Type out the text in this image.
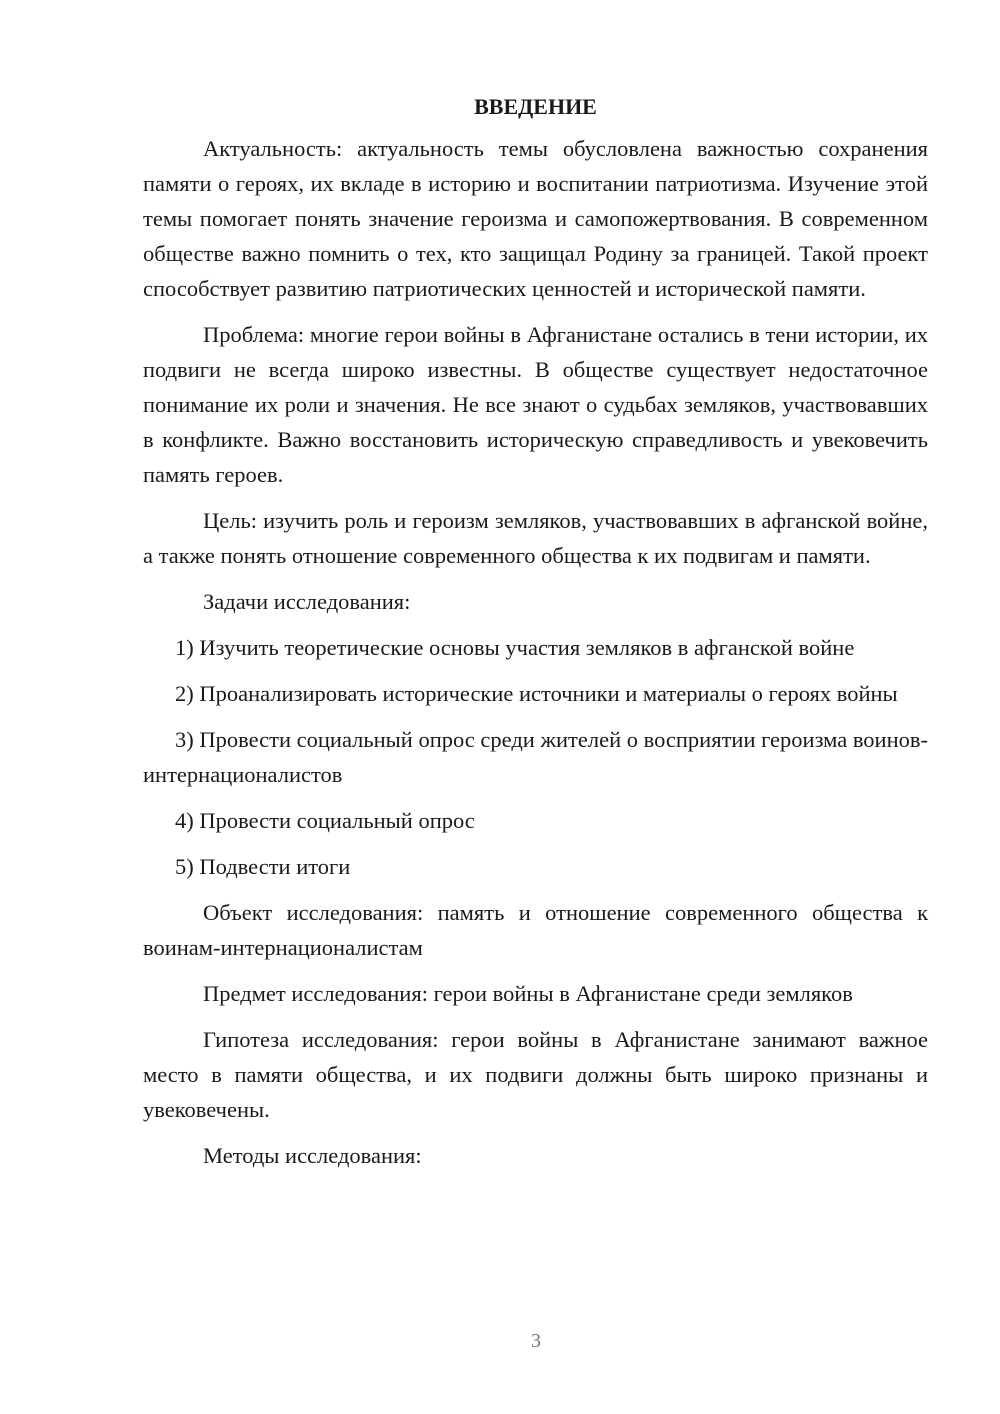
ВВЕДЕНИЕ

Актуальность: актуальность темы обусловлена важностью сохранения памяти о героях, их вкладе в историю и воспитании патриотизма. Изучение этой темы помогает понять значение героизма и самопожертвования. В современном обществе важно помнить о тех, кто защищал Родину за границей. Такой проект способствует развитию патриотических ценностей и исторической памяти.

Проблема: многие герои войны в Афганистане остались в тени истории, их подвиги не всегда широко известны. В обществе существует недостаточное понимание их роли и значения. Не все знают о судьбах земляков, участвовавших в конфликте. Важно восстановить историческую справедливость и увековечить память героев.

Цель: изучить роль и героизм земляков, участвовавших в афганской войне, а также понять отношение современного общества к их подвигам и памяти.

Задачи исследования:

1) Изучить теоретические основы участия земляков в афганской войне

2) Проанализировать исторические источники и материалы о героях войны

3) Провести социальный опрос среди жителей о восприятии героизма воинов-интернационалистов

4) Провести социальный опрос

5) Подвести итоги

Объект исследования: память и отношение современного общества к воинам-интернационалистам

Предмет исследования: герои войны в Афганистане среди земляков

Гипотеза исследования: герои войны в Афганистане занимают важное место в памяти общества, и их подвиги должны быть широко признаны и увековечены.

Методы исследования:

3
